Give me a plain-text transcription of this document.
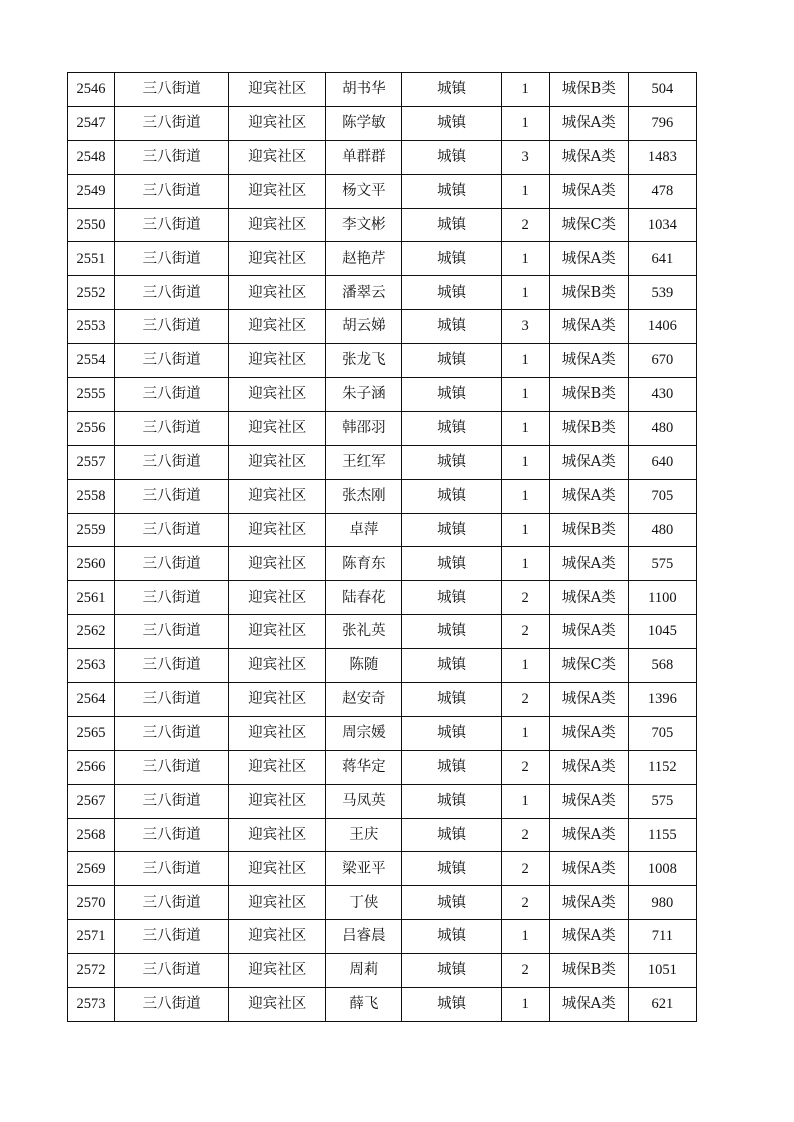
2546	三八街道	迎宾社区	胡书华	城镇	1	城保B类	504
2547	三八街道	迎宾社区	陈学敏	城镇	1	城保A类	796
2548	三八街道	迎宾社区	单群群	城镇	3	城保A类	1483
2549	三八街道	迎宾社区	杨文平	城镇	1	城保A类	478
2550	三八街道	迎宾社区	李文彬	城镇	2	城保C类	1034
2551	三八街道	迎宾社区	赵艳芹	城镇	1	城保A类	641
2552	三八街道	迎宾社区	潘翠云	城镇	1	城保B类	539
2553	三八街道	迎宾社区	胡云娣	城镇	3	城保A类	1406
2554	三八街道	迎宾社区	张龙飞	城镇	1	城保A类	670
2555	三八街道	迎宾社区	朱子涵	城镇	1	城保B类	430
2556	三八街道	迎宾社区	韩邵羽	城镇	1	城保B类	480
2557	三八街道	迎宾社区	王红军	城镇	1	城保A类	640
2558	三八街道	迎宾社区	张杰刚	城镇	1	城保A类	705
2559	三八街道	迎宾社区	卓萍	城镇	1	城保B类	480
2560	三八街道	迎宾社区	陈育东	城镇	1	城保A类	575
2561	三八街道	迎宾社区	陆春花	城镇	2	城保A类	1100
2562	三八街道	迎宾社区	张礼英	城镇	2	城保A类	1045
2563	三八街道	迎宾社区	陈随	城镇	1	城保C类	568
2564	三八街道	迎宾社区	赵安奇	城镇	2	城保A类	1396
2565	三八街道	迎宾社区	周宗媛	城镇	1	城保A类	705
2566	三八街道	迎宾社区	蒋华定	城镇	2	城保A类	1152
2567	三八街道	迎宾社区	马凤英	城镇	1	城保A类	575
2568	三八街道	迎宾社区	王庆	城镇	2	城保A类	1155
2569	三八街道	迎宾社区	梁亚平	城镇	2	城保A类	1008
2570	三八街道	迎宾社区	丁侠	城镇	2	城保A类	980
2571	三八街道	迎宾社区	吕睿晨	城镇	1	城保A类	711
2572	三八街道	迎宾社区	周莉	城镇	2	城保B类	1051
2573	三八街道	迎宾社区	薛飞	城镇	1	城保A类	621
